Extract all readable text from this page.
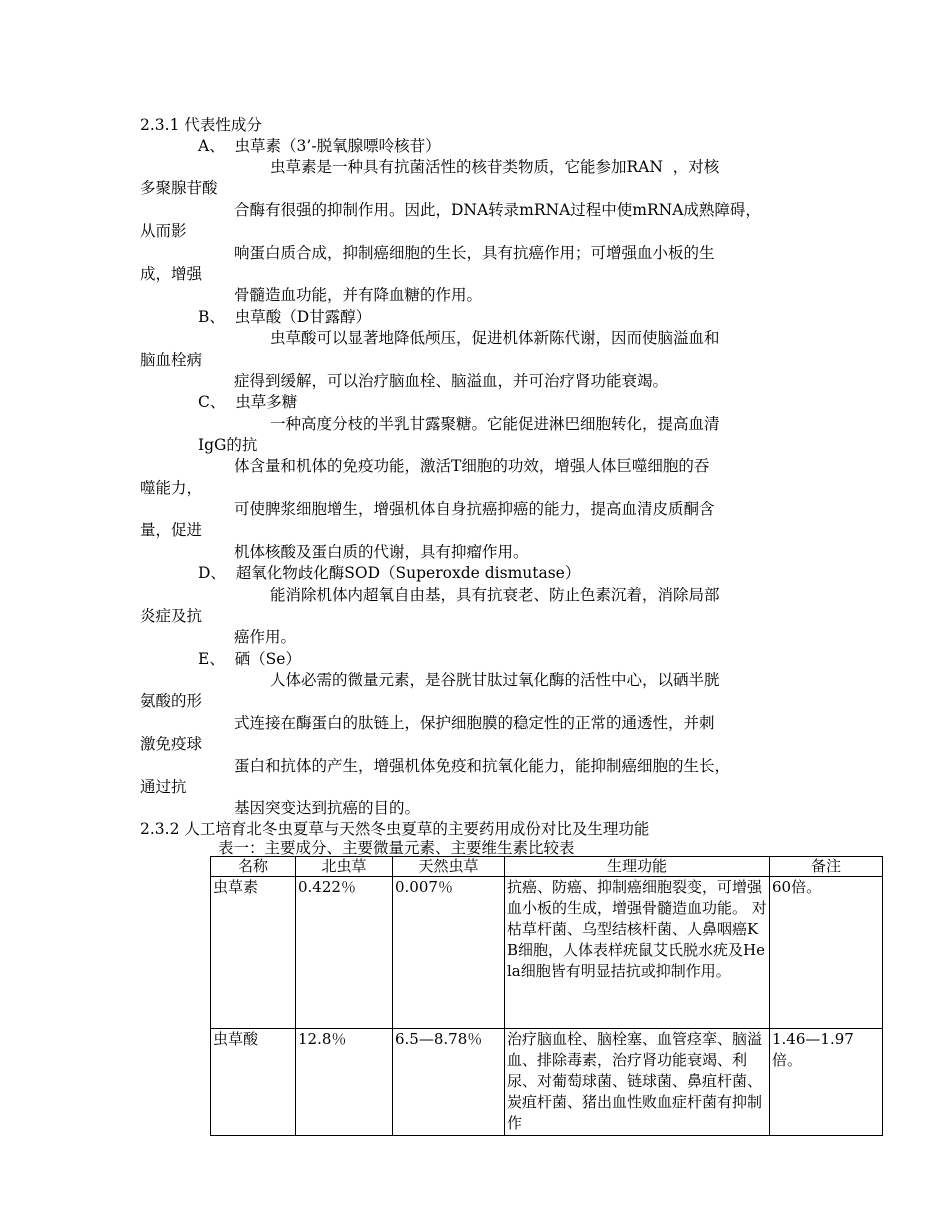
2.3.1 代表性成分
A、  虫草素（3’-脱氧腺嘌呤核苷）
虫草素是一种具有抗菌活性的核苷类物质，它能参加RAN  ，对核
多聚腺苷酸
合酶有很强的抑制作用。因此，DNA转录mRNA过程中使mRNA成熟障碍，
从而影
响蛋白质合成，抑制癌细胞的生长，具有抗癌作用；可增强血小板的生
成，增强
骨髓造血功能，并有降血糖的作用。
B、  虫草酸（D甘露醇）
虫草酸可以显著地降低颅压，促进机体新陈代谢，因而使脑溢血和
脑血栓病
症得到缓解，可以治疗脑血栓、脑溢血，并可治疗肾功能衰竭。
C、  虫草多糖
一种高度分枝的半乳甘露聚糖。它能促进淋巴细胞转化，提高血清
IgG的抗
体含量和机体的免疫功能，激活T细胞的功效，增强人体巨噬细胞的吞
噬能力，
可使脾浆细胞增生，增强机体自身抗癌抑癌的能力，提高血清皮质酮含
量，促进
机体核酸及蛋白质的代谢，具有抑瘤作用。
D、  超氧化物歧化酶SOD（Superoxde dismutase）
能消除机体内超氧自由基，具有抗衰老、防止色素沉着，消除局部
炎症及抗
癌作用。
E、  硒（Se）
人体必需的微量元素，是谷胱甘肽过氧化酶的活性中心，以硒半胱
氨酸的形
式连接在酶蛋白的肽链上，保护细胞膜的稳定性的正常的通透性，并刺
激免疫球
蛋白和抗体的产生，增强机体免疫和抗氧化能力，能抑制癌细胞的生长，
通过抗
基因突变达到抗癌的目的。
2.3.2 人工培育北冬虫夏草与天然冬虫夏草的主要药用成份对比及生理功能
表一：主要成分、主要微量元素、主要维生素比较表
名称	北虫草	天然虫草	生理功能	备注
虫草素	0.422％	0.007％	抗癌、防癌、抑制癌细胞裂变，可增强血小板的生成，增强骨髓造血功能。 对枯草杆菌、乌型结核杆菌、人鼻咽癌KB细胞，人体表样疣鼠艾氏脱水疣及Hela细胞皆有明显拮抗或抑制作用。	60倍。
虫草酸	12.8％	6.5—8.78％	治疗脑血栓、脑栓塞、血管痉挛、脑溢血、排除毒素，治疗肾功能衰竭、利尿、对葡萄球菌、链球菌、鼻疽杆菌、炭疽杆菌、猪出血性败血症杆菌有抑制作	1.46—1.97倍。
